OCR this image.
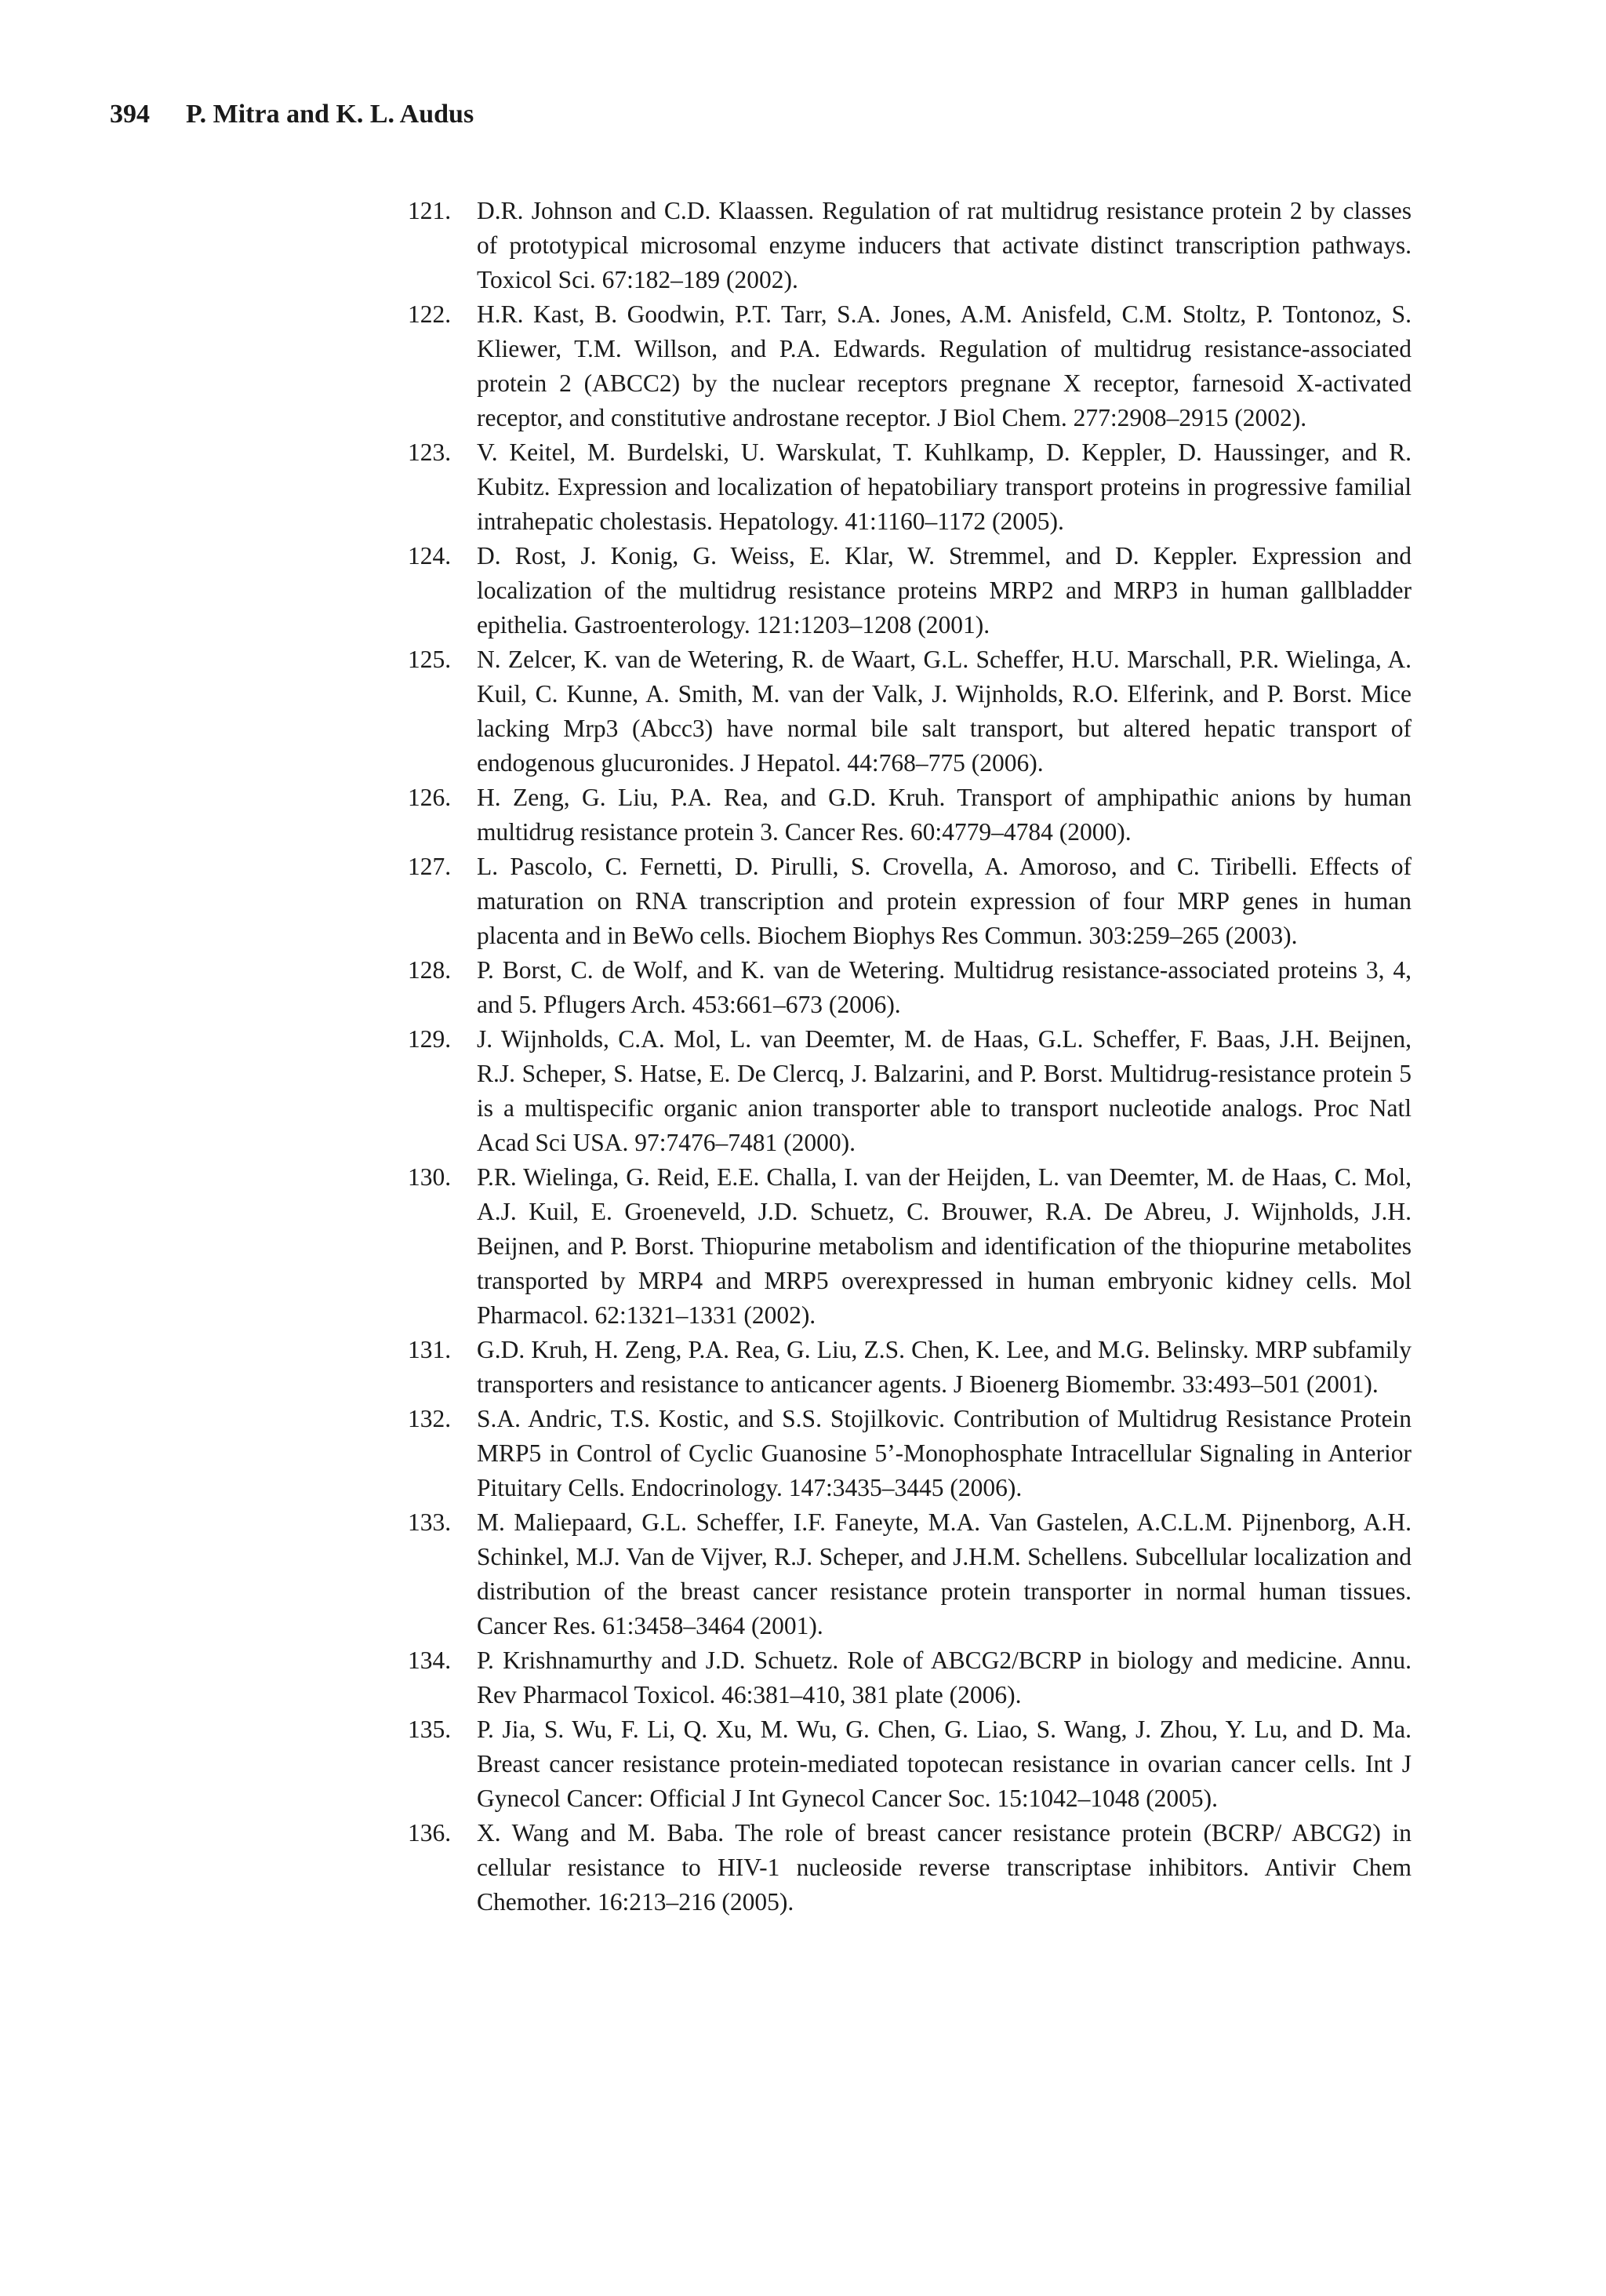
394 P. Mitra and K. L. Audus
121.	D.R. Johnson and C.D. Klaassen. Regulation of rat multidrug resistance protein 2 by classes of prototypical microsomal enzyme inducers that activate distinct transcription pathways. Toxicol Sci. 67:182–189 (2002).
122.	H.R. Kast, B. Goodwin, P.T. Tarr, S.A. Jones, A.M. Anisfeld, C.M. Stoltz, P. Tontonoz, S. Kliewer, T.M. Willson, and P.A. Edwards. Regulation of multidrug resistance-associated protein 2 (ABCC2) by the nuclear receptors pregnane X receptor, farnesoid X-activated receptor, and constitutive androstane receptor. J Biol Chem. 277:2908–2915 (2002).
123.	V. Keitel, M. Burdelski, U. Warskulat, T. Kuhlkamp, D. Keppler, D. Haussinger, and R. Kubitz. Expression and localization of hepatobiliary transport proteins in progressive familial intrahepatic cholestasis. Hepatology. 41:1160–1172 (2005).
124.	D. Rost, J. Konig, G. Weiss, E. Klar, W. Stremmel, and D. Keppler. Expression and localization of the multidrug resistance proteins MRP2 and MRP3 in human gallbladder epithelia. Gastroenterology. 121:1203–1208 (2001).
125.	N. Zelcer, K. van de Wetering, R. de Waart, G.L. Scheffer, H.U. Marschall, P.R. Wielinga, A. Kuil, C. Kunne, A. Smith, M. van der Valk, J. Wijnholds, R.O. Elferink, and P. Borst. Mice lacking Mrp3 (Abcc3) have normal bile salt transport, but altered hepatic transport of endogenous glucuronides. J Hepatol. 44:768–775 (2006).
126.	H. Zeng, G. Liu, P.A. Rea, and G.D. Kruh. Transport of amphipathic anions by human multidrug resistance protein 3. Cancer Res. 60:4779–4784 (2000).
127.	L. Pascolo, C. Fernetti, D. Pirulli, S. Crovella, A. Amoroso, and C. Tiribelli. Effects of maturation on RNA transcription and protein expression of four MRP genes in human placenta and in BeWo cells. Biochem Biophys Res Commun. 303:259–265 (2003).
128.	P. Borst, C. de Wolf, and K. van de Wetering. Multidrug resistance-associated proteins 3, 4, and 5. Pflugers Arch. 453:661–673 (2006).
129.	J. Wijnholds, C.A. Mol, L. van Deemter, M. de Haas, G.L. Scheffer, F. Baas, J.H. Beijnen, R.J. Scheper, S. Hatse, E. De Clercq, J. Balzarini, and P. Borst. Multidrug-resistance protein 5 is a multispecific organic anion transporter able to transport nucleotide analogs. Proc Natl Acad Sci USA. 97:7476–7481 (2000).
130.	P.R. Wielinga, G. Reid, E.E. Challa, I. van der Heijden, L. van Deemter, M. de Haas, C. Mol, A.J. Kuil, E. Groeneveld, J.D. Schuetz, C. Brouwer, R.A. De Abreu, J. Wijnholds, J.H. Beijnen, and P. Borst. Thiopurine metabolism and identification of the thiopurine metabolites transported by MRP4 and MRP5 overexpressed in human embryonic kidney cells. Mol Pharmacol. 62:1321–1331 (2002).
131.	G.D. Kruh, H. Zeng, P.A. Rea, G. Liu, Z.S. Chen, K. Lee, and M.G. Belinsky. MRP subfamily transporters and resistance to anticancer agents. J Bioenerg Biomembr. 33:493–501 (2001).
132.	S.A. Andric, T.S. Kostic, and S.S. Stojilkovic. Contribution of Multidrug Resistance Protein MRP5 in Control of Cyclic Guanosine 5’-Monophosphate Intracellular Signaling in Anterior Pituitary Cells. Endocrinology. 147:3435–3445 (2006).
133.	M. Maliepaard, G.L. Scheffer, I.F. Faneyte, M.A. Van Gastelen, A.C.L.M. Pijnenborg, A.H. Schinkel, M.J. Van de Vijver, R.J. Scheper, and J.H.M. Schellens. Subcellular localization and distribution of the breast cancer resistance protein transporter in normal human tissues. Cancer Res. 61:3458–3464 (2001).
134.	P. Krishnamurthy and J.D. Schuetz. Role of ABCG2/BCRP in biology and medicine. Annu. Rev Pharmacol Toxicol. 46:381–410, 381 plate (2006).
135.	P. Jia, S. Wu, F. Li, Q. Xu, M. Wu, G. Chen, G. Liao, S. Wang, J. Zhou, Y. Lu, and D. Ma. Breast cancer resistance protein-mediated topotecan resistance in ovarian cancer cells. Int J Gynecol Cancer: Official J Int Gynecol Cancer Soc. 15:1042–1048 (2005).
136.	X. Wang and M. Baba. The role of breast cancer resistance protein (BCRP/ ABCG2) in cellular resistance to HIV-1 nucleoside reverse transcriptase inhibitors. Antivir Chem Chemother. 16:213–216 (2005).
